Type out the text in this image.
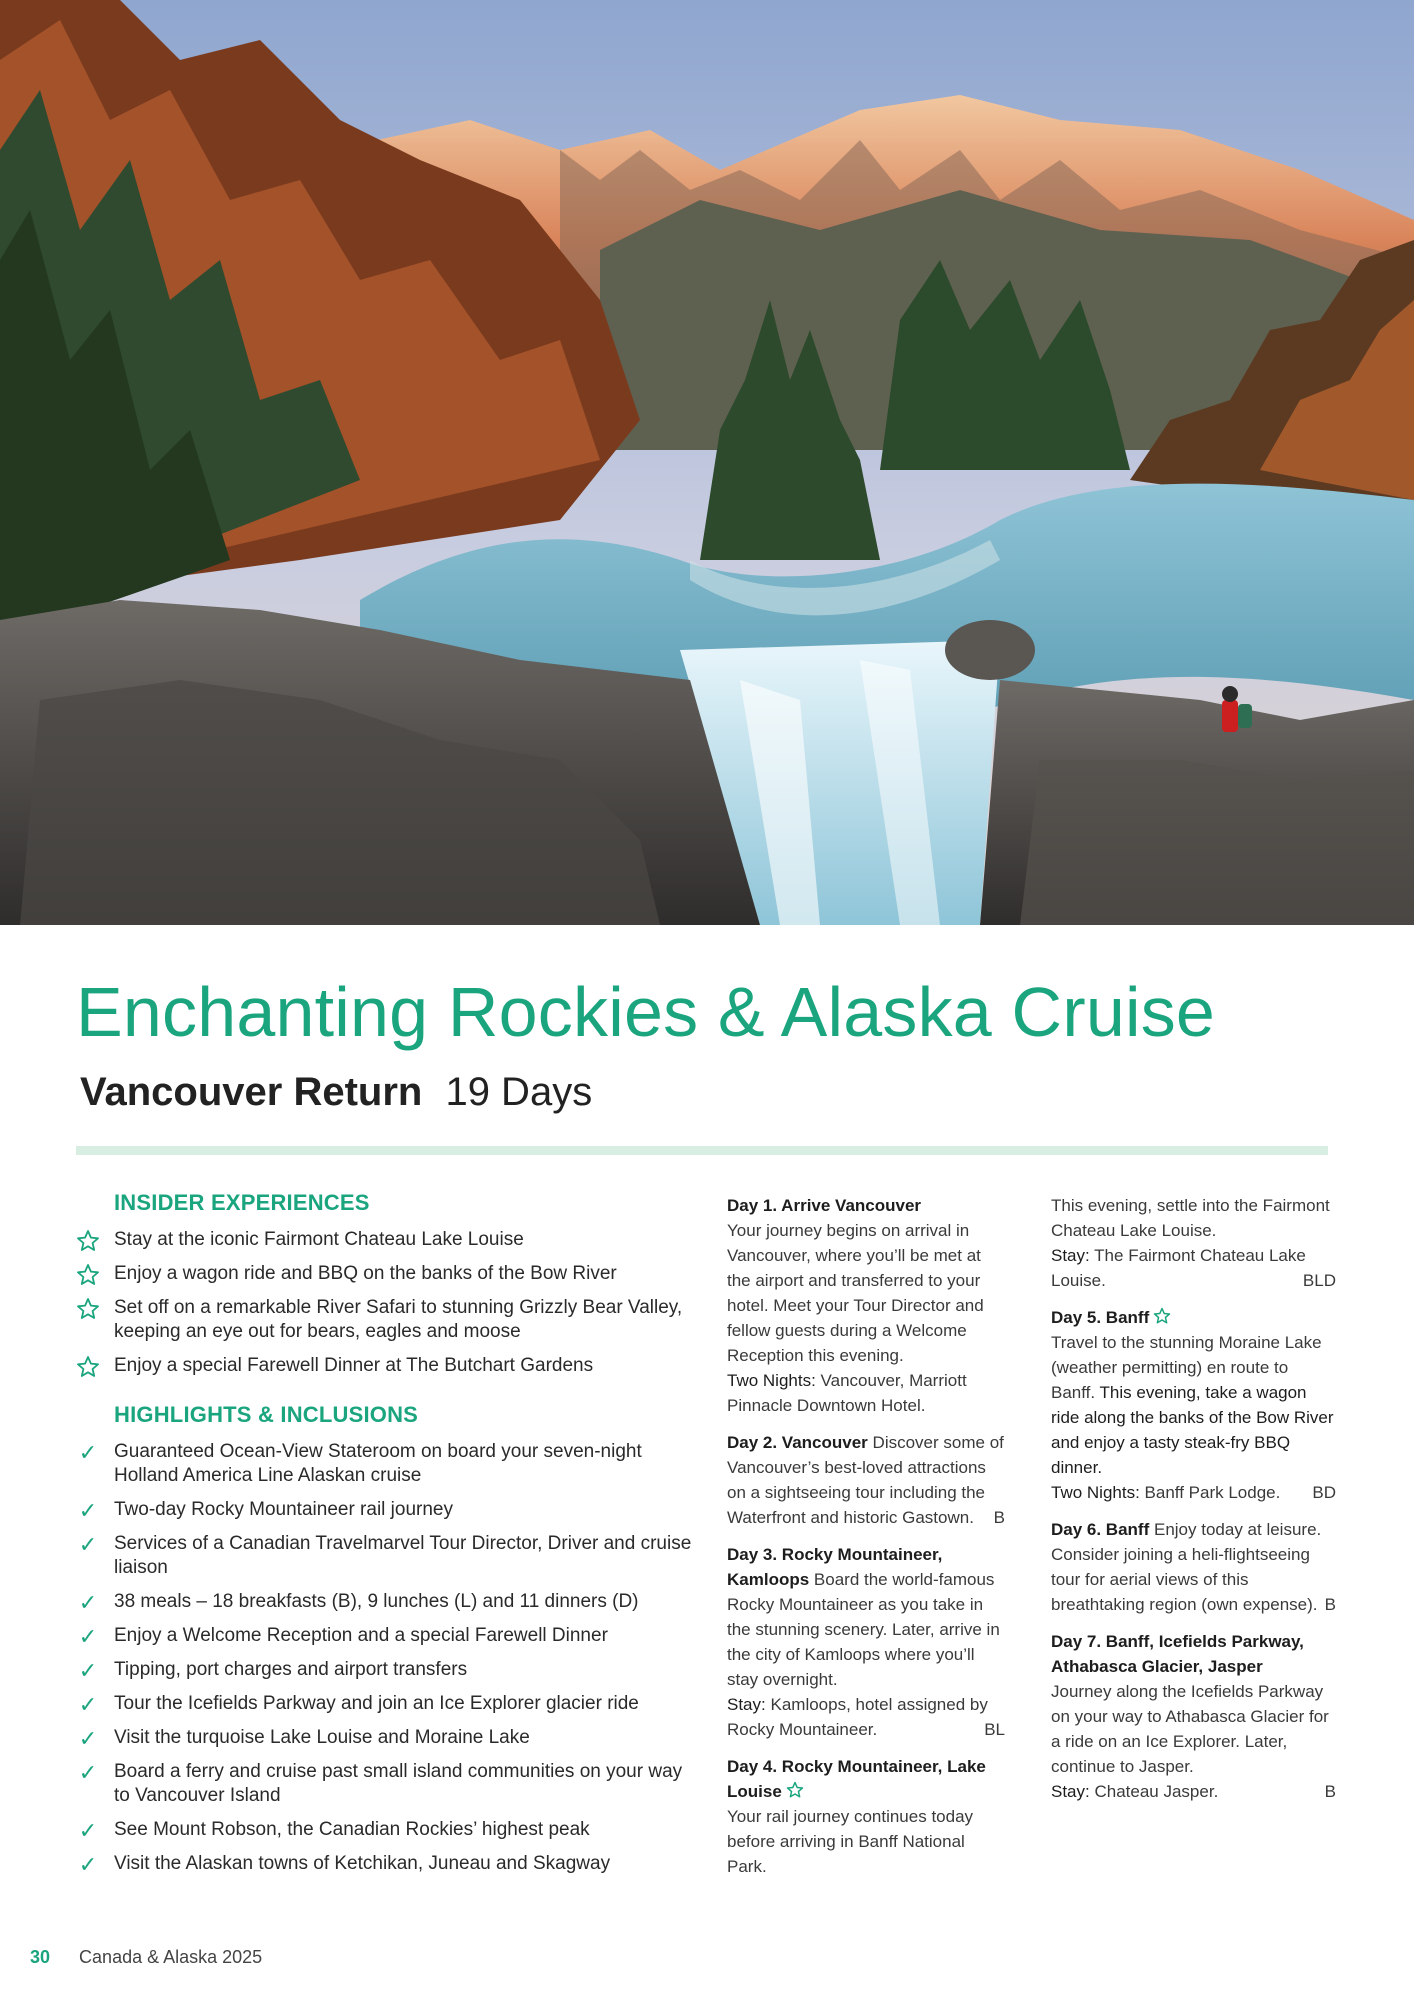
Enchanting Rockies & Alaska Cruise
Vancouver Return 19 Days
INSIDER EXPERIENCES
Stay at the iconic Fairmont Chateau Lake Louise
Enjoy a wagon ride and BBQ on the banks of the Bow River
Set off on a remarkable River Safari to stunning Grizzly Bear Valley, keeping an eye out for bears, eagles and moose
Enjoy a special Farewell Dinner at The Butchart Gardens
HIGHLIGHTS & INCLUSIONS
✓ Guaranteed Ocean-View Stateroom on board your seven-night Holland America Line Alaskan cruise
✓ Two-day Rocky Mountaineer rail journey
✓ Services of a Canadian Travelmarvel Tour Director, Driver and cruise liaison
✓ 38 meals – 18 breakfasts (B), 9 lunches (L) and 11 dinners (D)
✓ Enjoy a Welcome Reception and a special Farewell Dinner
✓ Tipping, port charges and airport transfers
✓ Tour the Icefields Parkway and join an Ice Explorer glacier ride
✓ Visit the turquoise Lake Louise and Moraine Lake
✓ Board a ferry and cruise past small island communities on your way to Vancouver Island
✓ See Mount Robson, the Canadian Rockies’ highest peak
✓ Visit the Alaskan towns of Ketchikan, Juneau and Skagway

Day 1. Arrive Vancouver
Your journey begins on arrival in Vancouver, where you’ll be met at the airport and transferred to your hotel. Meet your Tour Director and fellow guests during a Welcome Reception this evening.
Two Nights: Vancouver, Marriott Pinnacle Downtown Hotel.

Day 2. Vancouver Discover some of Vancouver’s best-loved attractions on a sightseeing tour including the Waterfront and historic Gastown. B

Day 3. Rocky Mountaineer, Kamloops Board the world-famous Rocky Mountaineer as you take in the stunning scenery. Later, arrive in the city of Kamloops where you’ll stay overnight.
Stay: Kamloops, hotel assigned by Rocky Mountaineer.	BL

Day 4. Rocky Mountaineer, Lake Louise
Your rail journey continues today before arriving in Banff National Park.

This evening, settle into the Fairmont Chateau Lake Louise.
Stay: The Fairmont Chateau Lake Louise.	BLD

Day 5. Banff
Travel to the stunning Moraine Lake (weather permitting) en route to Banff. This evening, take a wagon ride along the banks of the Bow River and enjoy a tasty steak-fry BBQ dinner.
Two Nights: Banff Park Lodge. BD

Day 6. Banff Enjoy today at leisure. Consider joining a heli-flightseeing tour for aerial views of this breathtaking region (own expense). B

Day 7. Banff, Icefields Parkway, Athabasca Glacier, Jasper
Journey along the Icefields Parkway on your way to Athabasca Glacier for a ride on an Ice Explorer. Later, continue to Jasper.
Stay: Chateau Jasper.	B

30 Canada & Alaska 2025
